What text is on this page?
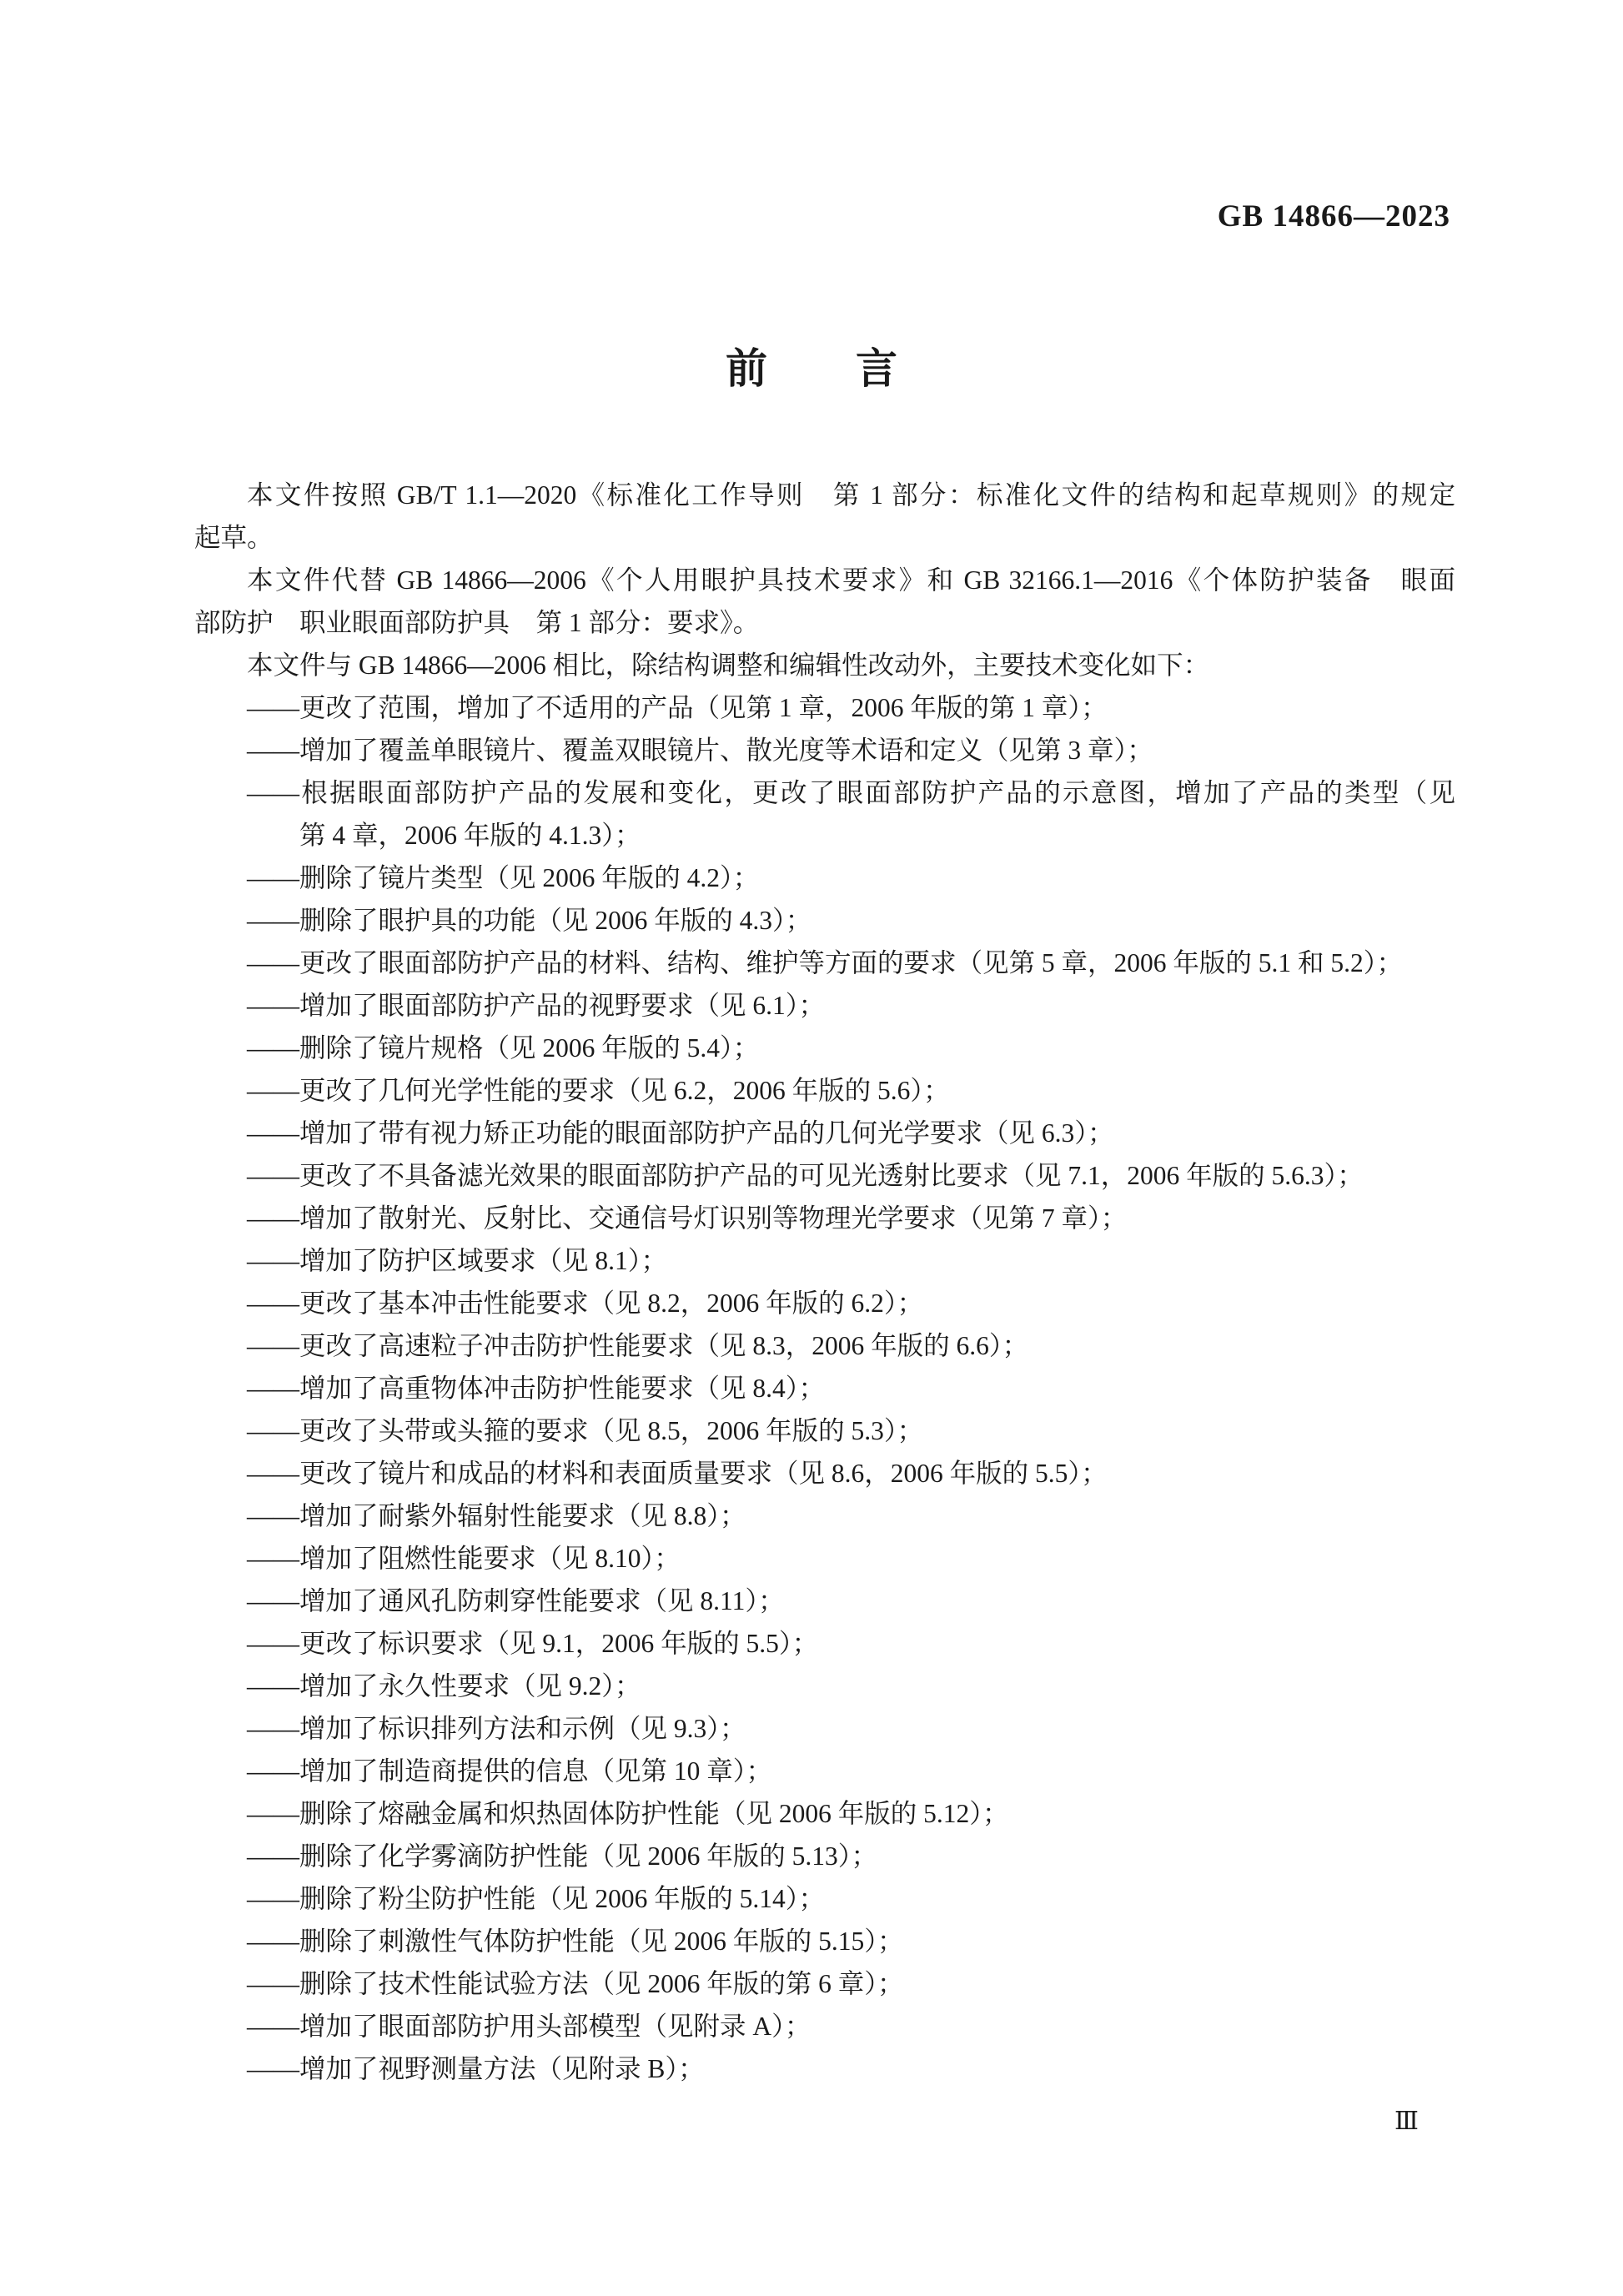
GB 14866—2023
前 言
本文件按照 GB/T 1.1—2020《标准化工作导则　第 1 部分：标准化文件的结构和起草规则》的规定
起草。
本文件代替 GB 14866—2006《个人用眼护具技术要求》和 GB 32166.1—2016《个体防护装备　眼面
部防护　职业眼面部防护具　第 1 部分：要求》。
本文件与 GB 14866—2006 相比，除结构调整和编辑性改动外，主要技术变化如下：
——更改了范围，增加了不适用的产品（见第 1 章，2006 年版的第 1 章）；
——增加了覆盖单眼镜片、覆盖双眼镜片、散光度等术语和定义（见第 3 章）；
——根据眼面部防护产品的发展和变化，更改了眼面部防护产品的示意图，增加了产品的类型（见
第 4 章，2006 年版的 4.1.3）；
——删除了镜片类型（见 2006 年版的 4.2）；
——删除了眼护具的功能（见 2006 年版的 4.3）；
——更改了眼面部防护产品的材料、结构、维护等方面的要求（见第 5 章，2006 年版的 5.1 和 5.2）；
——增加了眼面部防护产品的视野要求（见 6.1）；
——删除了镜片规格（见 2006 年版的 5.4）；
——更改了几何光学性能的要求（见 6.2，2006 年版的 5.6）；
——增加了带有视力矫正功能的眼面部防护产品的几何光学要求（见 6.3）；
——更改了不具备滤光效果的眼面部防护产品的可见光透射比要求（见 7.1，2006 年版的 5.6.3）；
——增加了散射光、反射比、交通信号灯识别等物理光学要求（见第 7 章）；
——增加了防护区域要求（见 8.1）；
——更改了基本冲击性能要求（见 8.2，2006 年版的 6.2）；
——更改了高速粒子冲击防护性能要求（见 8.3，2006 年版的 6.6）；
——增加了高重物体冲击防护性能要求（见 8.4）；
——更改了头带或头箍的要求（见 8.5，2006 年版的 5.3）；
——更改了镜片和成品的材料和表面质量要求（见 8.6，2006 年版的 5.5）；
——增加了耐紫外辐射性能要求（见 8.8）；
——增加了阻燃性能要求（见 8.10）；
——增加了通风孔防刺穿性能要求（见 8.11）；
——更改了标识要求（见 9.1，2006 年版的 5.5）；
——增加了永久性要求（见 9.2）；
——增加了标识排列方法和示例（见 9.3）；
——增加了制造商提供的信息（见第 10 章）；
——删除了熔融金属和炽热固体防护性能（见 2006 年版的 5.12）；
——删除了化学雾滴防护性能（见 2006 年版的 5.13）；
——删除了粉尘防护性能（见 2006 年版的 5.14）；
——删除了刺激性气体防护性能（见 2006 年版的 5.15）；
——删除了技术性能试验方法（见 2006 年版的第 6 章）；
——增加了眼面部防护用头部模型（见附录 A）；
——增加了视野测量方法（见附录 B）；
Ⅲ
